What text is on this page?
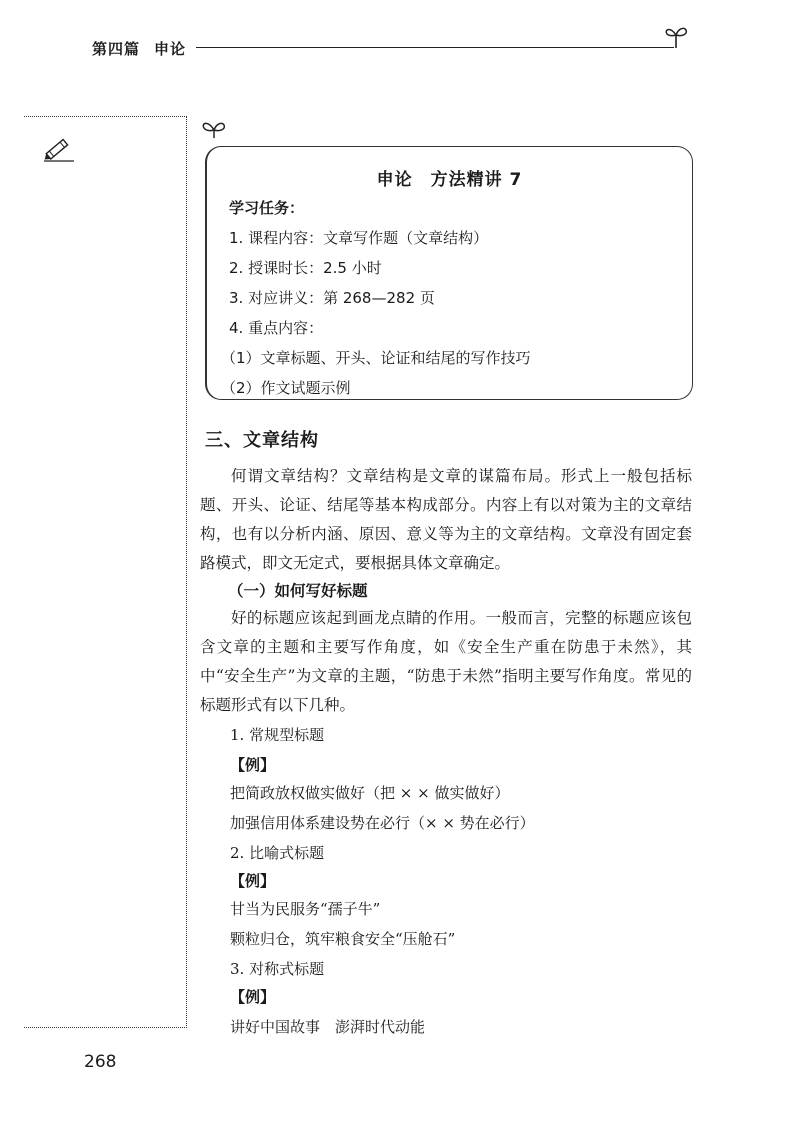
第四篇 申论
申论 方法精讲 7
学习任务：
1. 课程内容：文章写作题（文章结构）
2. 授课时长：2.5 小时
3. 对应讲义：第 268—282 页
4. 重点内容：
（1）文章标题、开头、论证和结尾的写作技巧
（2）作文试题示例
三、文章结构

何谓文章结构？文章结构是文章的谋篇布局。形式上一般包括标题、开头、论证、结尾等基本构成部分。内容上有以对策为主的文章结构，也有以分析内涵、原因、意义等为主的文章结构。文章没有固定套路模式，即文无定式，要根据具体文章确定。

（一）如何写好标题

好的标题应该起到画龙点睛的作用。一般而言，完整的标题应该包含文章的主题和主要写作角度，如《安全生产重在防患于未然》，其中“安全生产”为文章的主题，“防患于未然”指明主要写作角度。常见的标题形式有以下几种。

1. 常规型标题
【例】
把简政放权做实做好（把 × × 做实做好）
加强信用体系建设势在必行（× × 势在必行）
2. 比喻式标题
【例】
甘当为民服务“孺子牛”
颗粒归仓，筑牢粮食安全“压舱石”
3. 对称式标题
【例】
讲好中国故事　澎湃时代动能
268
